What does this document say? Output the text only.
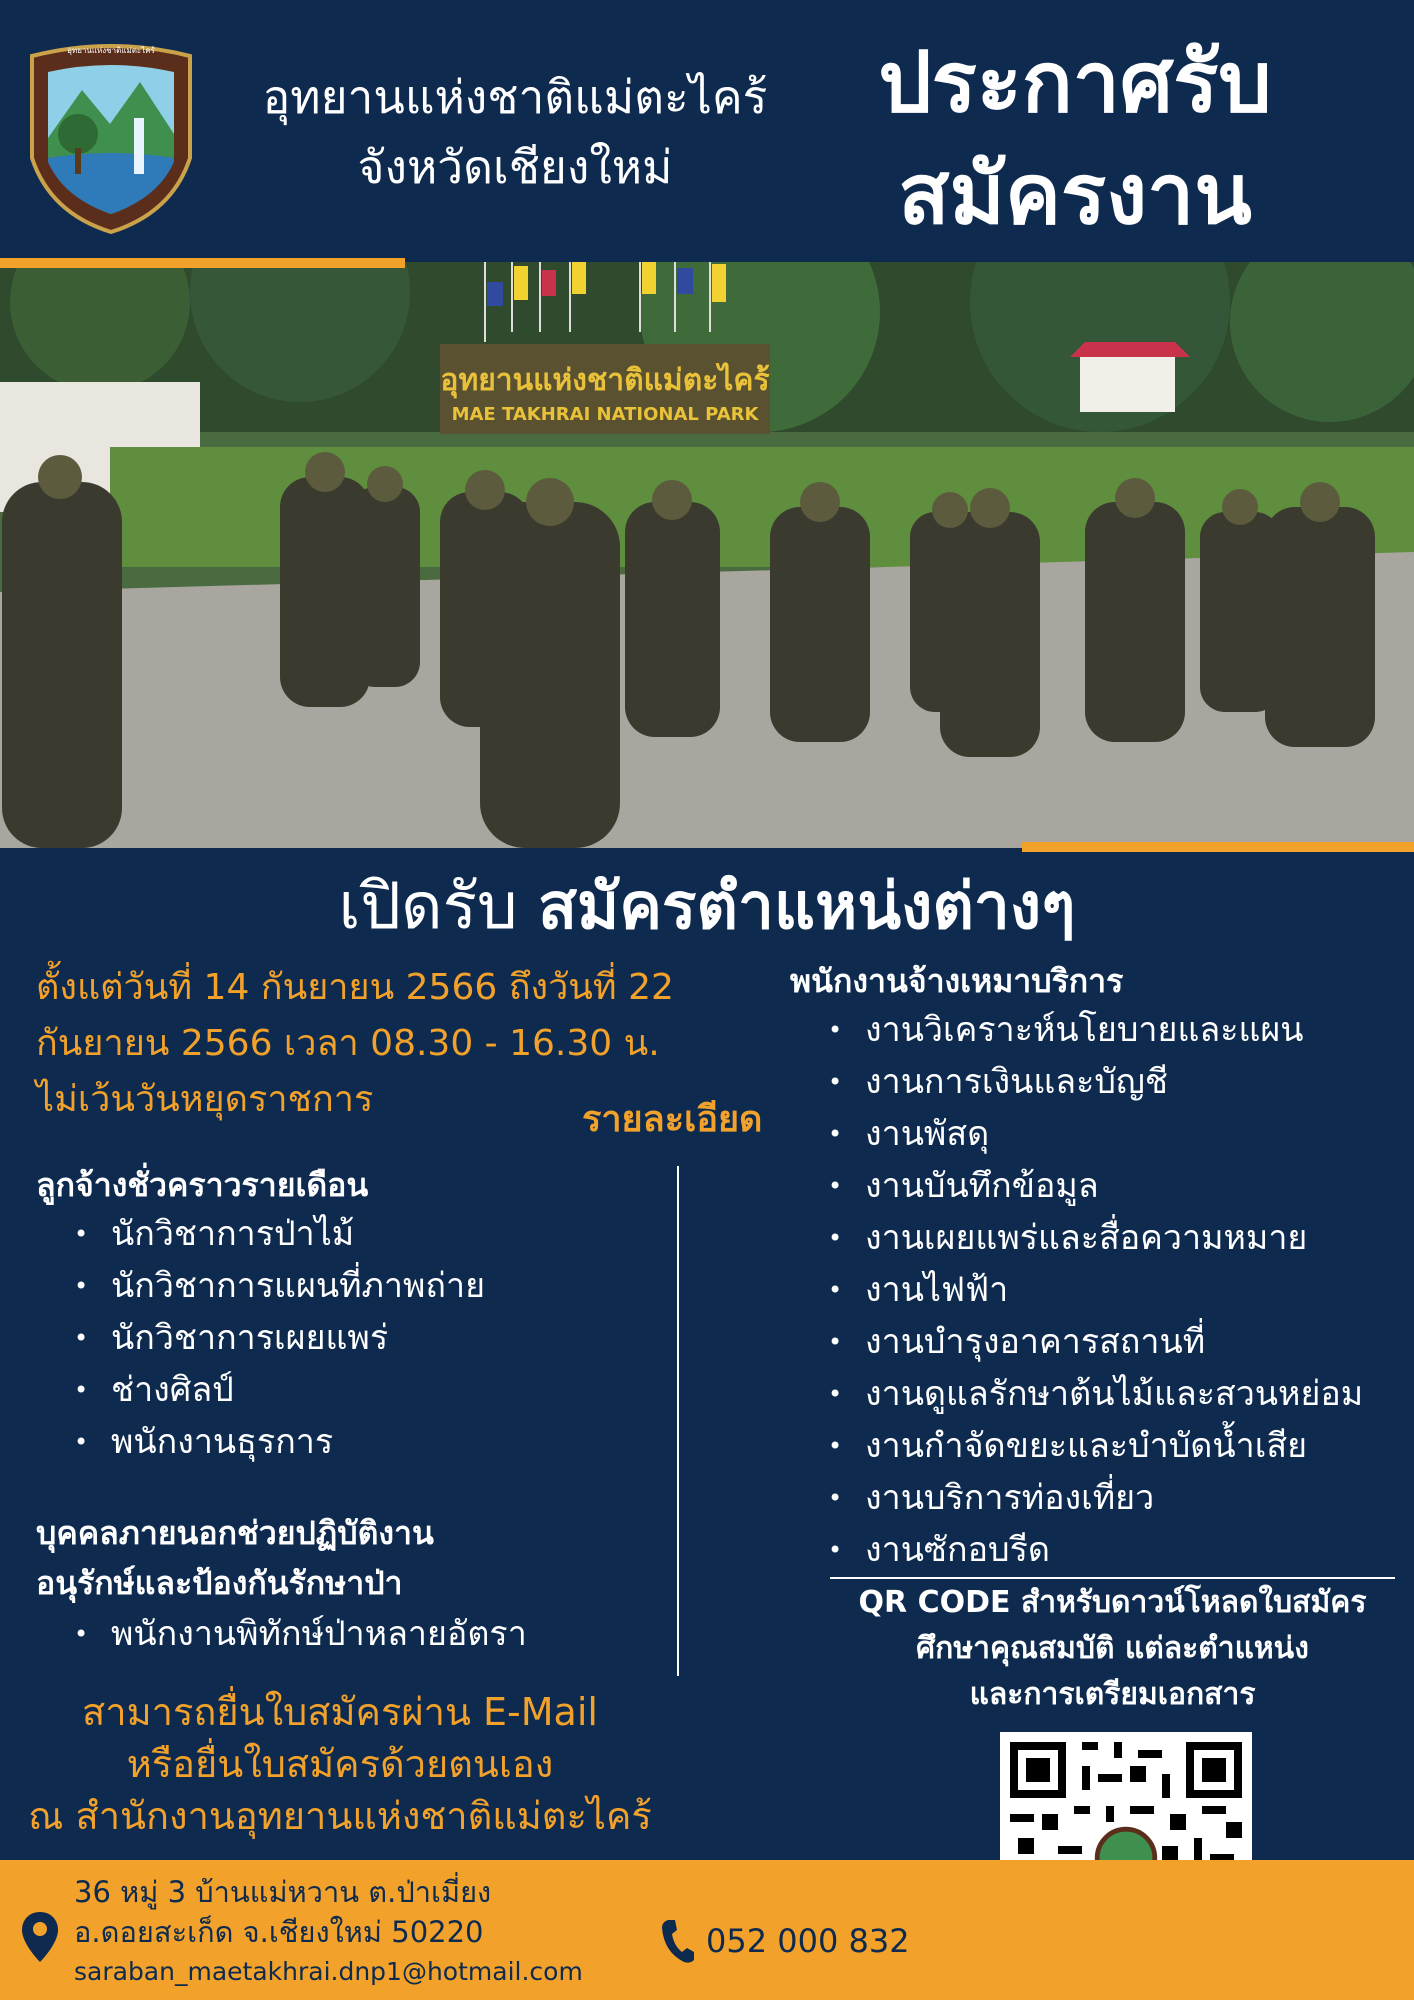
อุทยานแห่งชาติแม่ตะไคร้
อุทยานแห่งชาติแม่ตะไคร้
จังหวัดเชียงใหม่
ประกาศรับ
สมัครงาน
อุทยานแห่งชาติแม่ตะไคร้
MAE TAKHRAI NATIONAL PARK
เปิดรับ สมัครตำแหน่งต่างๆ
ตั้งแต่วันที่ 14 กันยายน 2566 ถึงวันที่ 22
กันยายน 2566 เวลา 08.30 - 16.30 น.
ไม่เว้นวันหยุดราชการ	รายละเอียด
ลูกจ้างชั่วคราวรายเดือน
• นักวิชาการป่าไม้
• นักวิชาการแผนที่ภาพถ่าย
• นักวิชาการเผยแพร่
• ช่างศิลป์
• พนักงานธุรการ
บุคคลภายนอกช่วยปฏิบัติงาน
อนุรักษ์และป้องกันรักษาป่า
• พนักงานพิทักษ์ป่าหลายอัตรา
พนักงานจ้างเหมาบริการ
• งานวิเคราะห์นโยบายและแผน
• งานการเงินและบัญชี
• งานพัสดุ
• งานบันทึกข้อมูล
• งานเผยแพร่และสื่อความหมาย
• งานไฟฟ้า
• งานบำรุงอาคารสถานที่
• งานดูแลรักษาต้นไม้และสวนหย่อม
• งานกำจัดขยะและบำบัดน้ำเสีย
• งานบริการท่องเที่ยว
• งานซักอบรีด
QR CODE สำหรับดาวน์โหลดใบสมัคร
ศึกษาคุณสมบัติ แต่ละตำแหน่ง
และการเตรียมเอกสาร
สามารถยื่นใบสมัครผ่าน E-Mail
หรือยื่นใบสมัครด้วยตนเอง
ณ สำนักงานอุทยานแห่งชาติแม่ตะไคร้
36 หมู่ 3 บ้านแม่หวาน ต.ป่าเมี่ยง
อ.ดอยสะเก็ด จ.เชียงใหม่ 50220
saraban_maetakhrai.dnp1@hotmail.com
052 000 832
